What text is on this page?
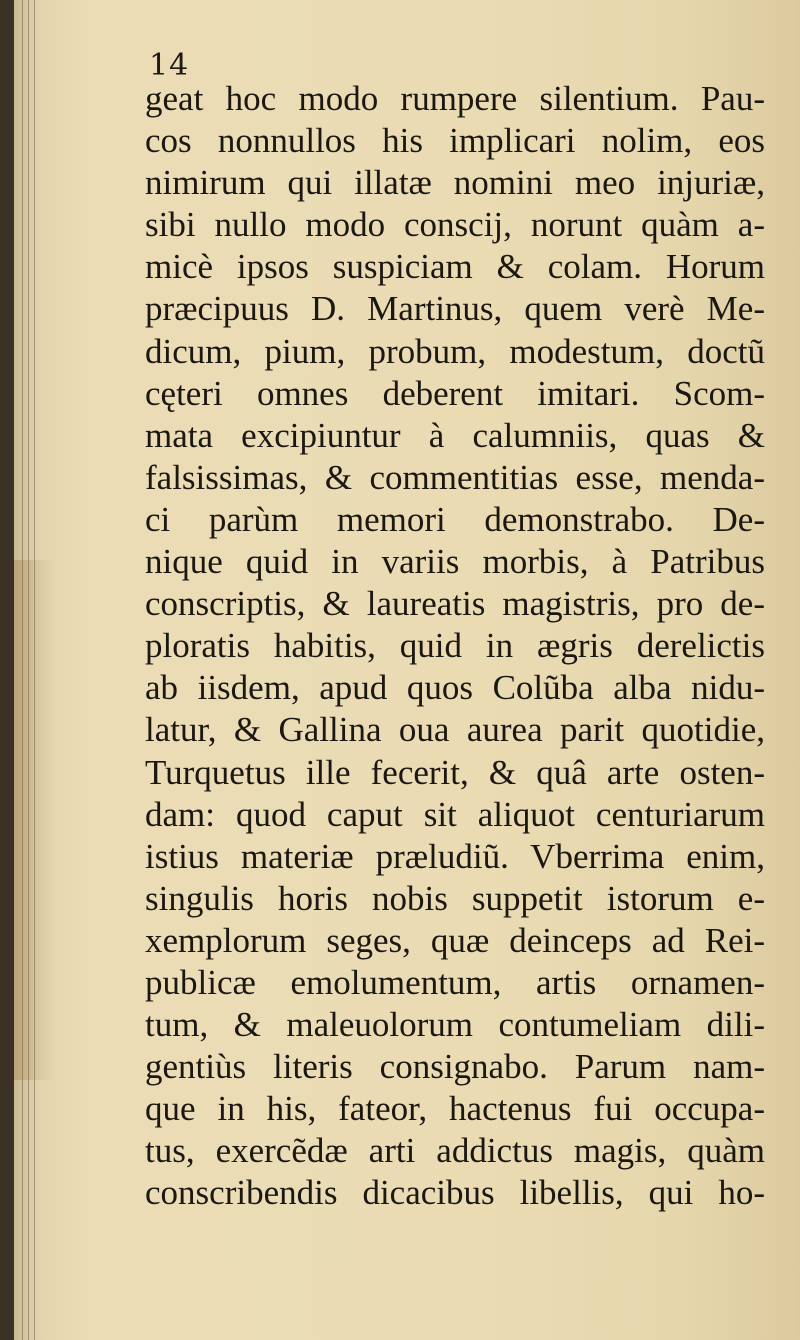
14
geat hoc modo rumpere silentium. Pau-
cos nonnullos his implicari nolim, eos
nimirum qui illatæ nomini meo injuriæ,
sibi nullo modo conscij, norunt quàm a-
micè ipsos suspiciam & colam. Horum
præcipuus D. Martinus, quem verè Me-
dicum, pium, probum, modestum, doctũ
cęteri omnes deberent imitari. Scom-
mata excipiuntur à calumniis, quas &
falsissimas, & commentitias esse, menda-
ci parùm memori demonstrabo. De-
nique quid in variis morbis, à Patribus
conscriptis, & laureatis magistris, pro de-
ploratis habitis, quid in ægris derelictis
ab iisdem, apud quos Colũba alba nidu-
latur, & Gallina oua aurea parit quotidie,
Turquetus ille fecerit, & quâ arte osten-
dam: quod caput sit aliquot centuriarum
istius materiæ præludiũ. Vberrima enim,
singulis horis nobis suppetit istorum e-
xemplorum seges, quæ deinceps ad Rei-
publicæ emolumentum, artis ornamen-
tum, & maleuolorum contumeliam dili-
gentiùs literis consignabo. Parum nam-
que in his, fateor, hactenus fui occupa-
tus, exercẽdæ arti addictus magis, quàm
conscribendis dicacibus libellis, qui ho-
